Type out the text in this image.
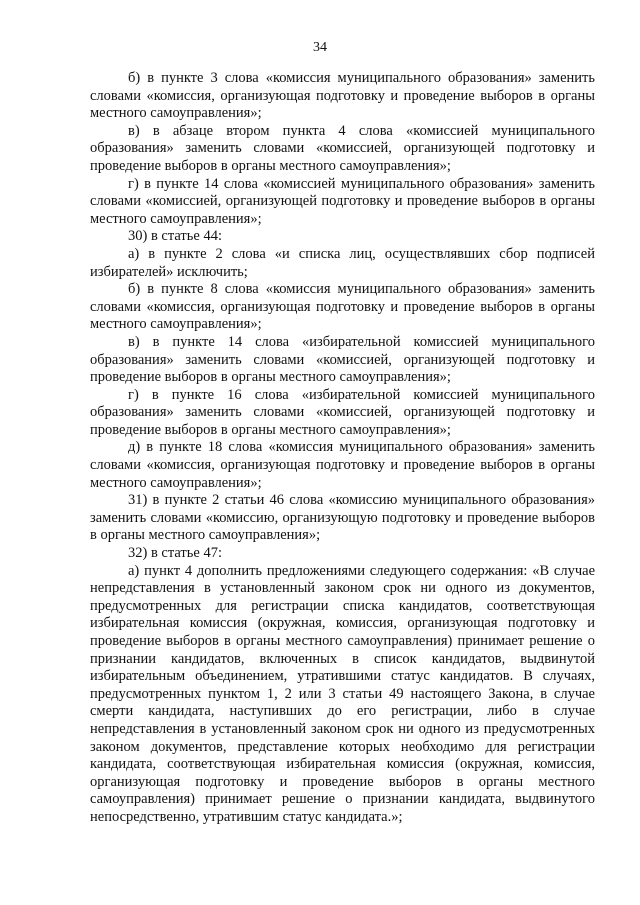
34

б) в пункте 3 слова «комиссия муниципального образования» заменить словами «комиссия, организующая подготовку и проведение выборов в органы местного самоуправления»;

в) в абзаце втором пункта 4 слова «комиссией муниципального образования» заменить словами «комиссией, организующей подготовку и проведение выборов в органы местного самоуправления»;

г) в пункте 14 слова «комиссией муниципального образования» заменить словами «комиссией, организующей подготовку и проведение выборов в органы местного самоуправления»;

30) в статье 44:

а) в пункте 2 слова «и списка лиц, осуществлявших сбор подписей избирателей» исключить;

б) в пункте 8 слова «комиссия муниципального образования» заменить словами «комиссия, организующая подготовку и проведение выборов в органы местного самоуправления»;

в) в пункте 14 слова «избирательной комиссией муниципального образования» заменить словами «комиссией, организующей подготовку и проведение выборов в органы местного самоуправления»;

г) в пункте 16 слова «избирательной комиссией муниципального образования» заменить словами «комиссией, организующей подготовку и проведение выборов в органы местного самоуправления»;

д) в пункте 18 слова «комиссия муниципального образования» заменить словами «комиссия, организующая подготовку и проведение выборов в органы местного самоуправления»;

31) в пункте 2 статьи 46 слова «комиссию муниципального образования» заменить словами «комиссию, организующую подготовку и проведение выборов в органы местного самоуправления»;

32) в статье 47:

а) пункт 4 дополнить предложениями следующего содержания: «В случае непредставления в установленный законом срок ни одного из документов, предусмотренных для регистрации списка кандидатов, соответствующая избирательная комиссия (окружная, комиссия, организующая подготовку и проведение выборов в органы местного самоуправления) принимает решение о признании кандидатов, включенных в список кандидатов, выдвинутой избирательным объединением, утратившими статус кандидатов. В случаях, предусмотренных пунктом 1, 2 или 3 статьи 49 настоящего Закона, в случае смерти кандидата, наступивших до его регистрации, либо в случае непредставления в установленный законом срок ни одного из предусмотренных законом документов, представление которых необходимо для регистрации кандидата, соответствующая избирательная комиссия (окружная, комиссия, организующая подготовку и проведение выборов в органы местного самоуправления) принимает решение о признании кандидата, выдвинутого непосредственно, утратившим статус кандидата.»;
